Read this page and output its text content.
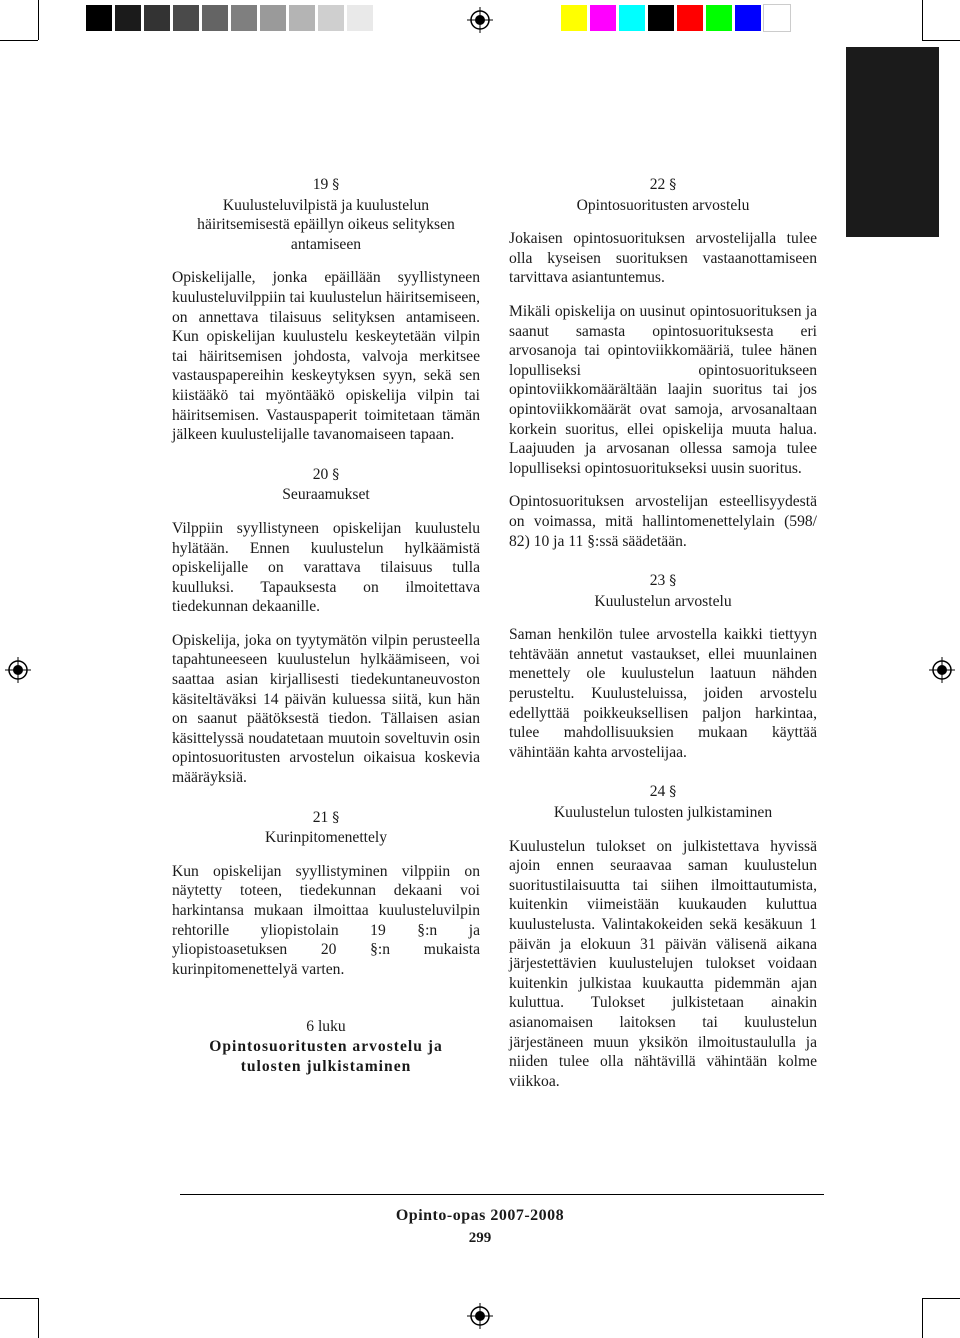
19 §
Kuulusteluvilpistä ja kuulustelun
häiritsemisestä epäillyn oikeus selityksen
antamiseen

Opiskelijalle, jonka epäillään syyllistyneen kuulusteluvilppiin tai kuulustelun häiritsemiseen, on annettava tilaisuus selityksen antamiseen. Kun opiskelijan kuulustelu keskeytetään vilpin tai häiritsemisen johdosta, valvoja merkitsee vastauspapereihin keskeytyksen syyn, sekä sen kiistääkö tai myöntääkö opiskelija vilpin tai häiritsemisen. Vastauspaperit toimitetaan tämän jälkeen kuulustelijalle tavanomaiseen tapaan.

20 §
Seuraamukset

Vilppiin syyllistyneen opiskelijan kuulustelu hylätään. Ennen kuulustelun hylkäämistä opiskelijalle on varattava tilaisuus tulla kuulluksi. Tapauksesta on ilmoitettava tiedekunnan dekaanille.

Opiskelija, joka on tyytymätön vilpin perusteella tapahtuneeseen kuulustelun hylkäämiseen, voi saattaa asian kirjallisesti tiedekuntaneuvoston käsiteltäväksi 14 päivän kuluessa siitä, kun hän on saanut päätöksestä tiedon. Tällaisen asian käsittelyssä noudatetaan muutoin soveltuvin osin opintosuoritusten arvostelun oikaisua koskevia määräyksiä.

21 §
Kurinpitomenettely

Kun opiskelijan syyllistyminen vilppiin on näytetty toteen, tiedekunnan dekaani voi harkintansa mukaan ilmoittaa kuulusteluvilpin rehtorille yliopistolain 19 §:n ja yliopistoasetuksen 20 §:n mukaista kurinpitomenettelyä varten.

6 luku
Opintosuoritusten arvostelu ja
tulosten julkistaminen
22 §
Opintosuoritusten arvostelu

Jokaisen opintosuorituksen arvostelijalla tulee olla kyseisen suorituksen vastaanottamiseen tarvittava asiantuntemus.

Mikäli opiskelija on uusinut opintosuorituksen ja saanut samasta opintosuorituksesta eri arvosanoja tai opintoviikkomääriä, tulee hänen lopulliseksi opintosuoritukseen opintoviikkomäärältään laajin suoritus tai jos opintoviikkomäärät ovat samoja, arvosanaltaan korkein suoritus, ellei opiskelija muuta halua. Laajuuden ja arvosanan ollessa samoja tulee lopulliseksi opintosuoritukseksi uusin suoritus.

Opintosuorituksen arvostelijan esteellisyydestä on voimassa, mitä hallintomenettelylain (598/ 82) 10 ja 11 §:ssä säädetään.

23 §
Kuulustelun arvostelu

Saman henkilön tulee arvostella kaikki tiettyyn tehtävään annetut vastaukset, ellei muunlainen menettely ole kuulustelun laatuun nähden perusteltu. Kuulusteluissa, joiden arvostelu edellyttää poikkeuksellisen paljon harkintaa, tulee mahdollisuuksien mukaan käyttää vähintään kahta arvostelijaa.

24 §
Kuulustelun tulosten julkistaminen

Kuulustelun tulokset on julkistettava hyvissä ajoin ennen seuraavaa saman kuulustelun suoritustilaisuutta tai siihen ilmoittautumista, kuitenkin viimeistään kuukauden kuluttua kuulustelusta. Valintakokeiden sekä kesäkuun 1 päivän ja elokuun 31 päivän välisenä aikana järjestettävien kuulustelujen tulokset voidaan kuitenkin julkistaa kuukautta pidemmän ajan kuluttua. Tulokset julkistetaan ainakin asianomaisen laitoksen tai kuulustelun järjestäneen muun yksikön ilmoitustaululla ja niiden tulee olla nähtävillä vähintään kolme viikkoa.

Opinto-opas 2007-2008
299
